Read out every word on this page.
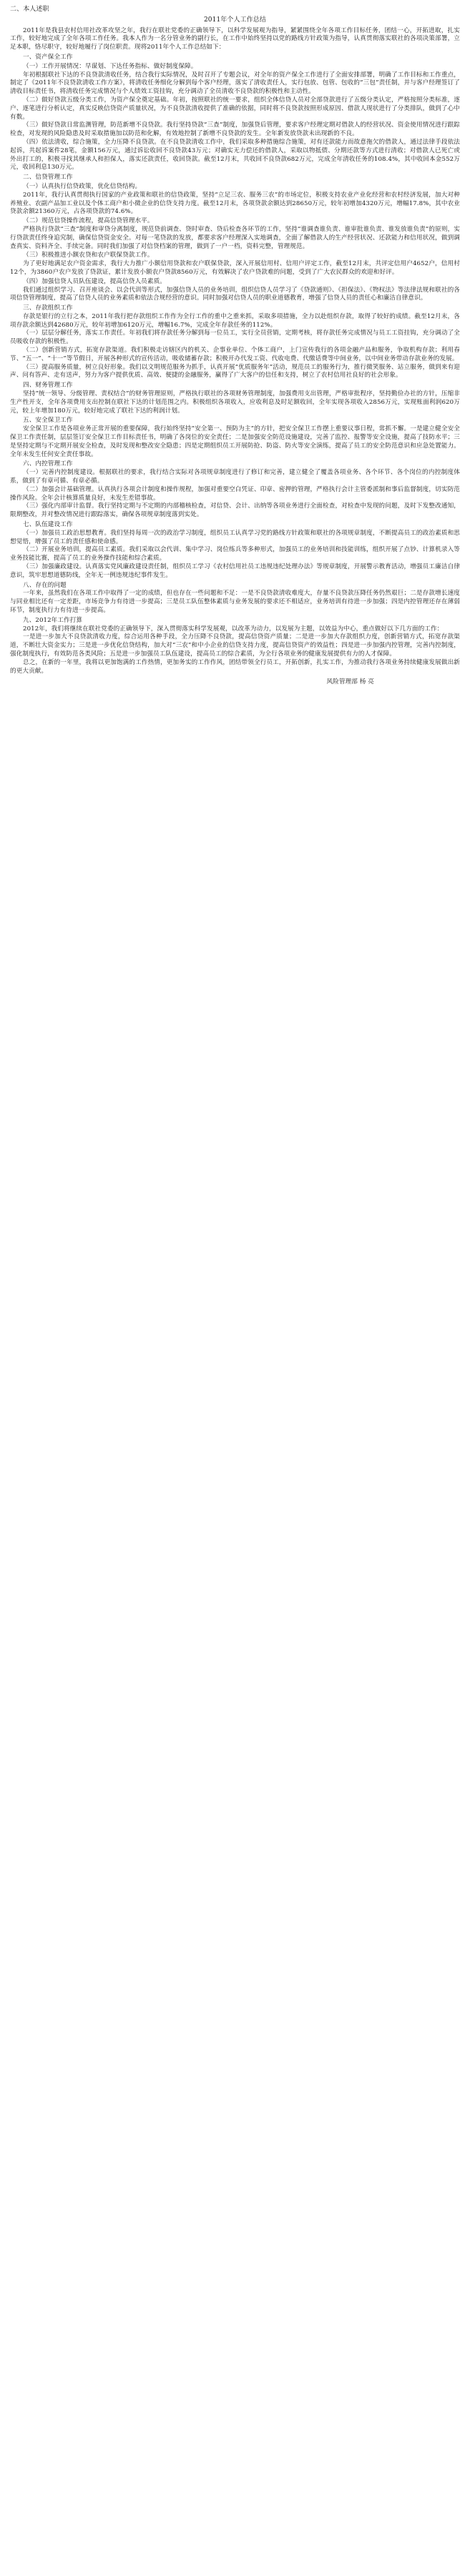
二、本人述职
2011年个人工作总结

2011年是我县农村信用社改革攻坚之年，我行在联社党委的正确领导下，以科学发展观为指导，紧紧围绕全年各项工作目标任务，团结一心，开拓进取，扎实工作，较好地完成了全年各项工作任务。我本人作为一名分管业务的副行长，在工作中始终坚持以党的路线方针政策为指导，认真贯彻落实联社的各项决策部署，立足本职，恪尽职守，较好地履行了岗位职责。现将2011年个人工作总结如下：

一、资产保全工作

（一）工作开展情况：早谋划、下达任务指标、做好制度保障。

年初根据联社下达的不良贷款清收任务，结合我行实际情况，及时召开了专题会议，对全年的资产保全工作进行了全面安排部署，明确了工作目标和工作重点，制定了《2011年不良贷款清收工作方案》，将清收任务细化分解到每个客户经理，落实了清收责任人，实行包放、包管、包收的“三包”责任制，并与客户经理签订了清收目标责任书，将清收任务完成情况与个人绩效工资挂钩，充分调动了全员清收不良贷款的积极性和主动性。

（二）做好贷款五级分类工作，为资产保全奠定基础。年初，按照联社的统一要求，组织全体信贷人员对全部贷款进行了五级分类认定，严格按照分类标准，逐户、逐笔进行分析认定，真实反映信贷资产质量状况，为不良贷款清收提供了准确的依据，同时将不良贷款按照形成原因、借款人现状进行了分类排队，做到了心中有数。

（三）做好贷款日常监测管理，防范新增不良贷款。我行坚持贷款“三查”制度，加强贷后管理，要求客户经理定期对借款人的经营状况、资金使用情况进行跟踪检查，对发现的风险隐患及时采取措施加以防范和化解，有效地控制了新增不良贷款的发生。全年新发放贷款未出现新的不良。

（四）依法清收，综合施策，全力压降不良贷款。在不良贷款清收工作中，我们采取多种措施综合施策，对有还款能力而故意拖欠的借款人，通过法律手段依法起诉，共起诉案件28笔，金额156万元，通过诉讼收回不良贷款43万元；对确实无力偿还的借款人，采取以物抵债、分期还款等方式进行清收；对借款人已死亡或外出打工的，积极寻找其继承人和担保人，落实还款责任，收回贷款。截至12月末，共收回不良贷款682万元，完成全年清收任务的108.4%，其中收回本金552万元，收回利息130万元。

二、信贷管理工作

（一）认真执行信贷政策，优化信贷结构。

2011年，我行认真贯彻执行国家的产业政策和联社的信贷政策，坚持“立足三农、服务三农”的市场定位，积极支持农业产业化经营和农村经济发展，加大对种养殖业、农副产品加工业以及个体工商户和小微企业的信贷支持力度。截至12月末，各项贷款余额达到28650万元，较年初增加4320万元，增幅17.8%，其中农业贷款余额21360万元，占各项贷款的74.6%。

（二）规范信贷操作流程，提高信贷管理水平。

严格执行贷款“三查”制度和审贷分离制度，规范贷前调查、贷时审查、贷后检查各环节的工作，坚持“谁调查谁负责、谁审批谁负责、谁发放谁负责”的原则，实行贷款责任终身追究制，确保信贷资金安全。对每一笔贷款的发放，都要求客户经理深入实地调查，全面了解借款人的生产经营状况、还款能力和信用状况，做到调查真实、资料齐全、手续完备。同时我们加强了对信贷档案的管理，做到了一户一档，资料完整，管理规范。

（三）积极推进小额农贷和农户联保贷款工作。

为了更好地满足农户资金需求，我行大力推广小额信用贷款和农户联保贷款，深入开展信用村、信用户评定工作，截至12月末，共评定信用户4652户，信用村12个，为3860户农户发放了贷款证，累计发放小额农户贷款8560万元，有效解决了农户贷款难的问题，受到了广大农民群众的欢迎和好评。

（四）加强信贷人员队伍建设，提高信贷人员素质。

我们通过组织学习、召开座谈会、以会代训等形式，加强信贷人员的业务培训，组织信贷人员学习了《贷款通则》、《担保法》、《物权法》等法律法规和联社的各项信贷管理制度，提高了信贷人员的业务素质和依法合规经营的意识。同时加强对信贷人员的职业道德教育，增强了信贷人员的责任心和廉洁自律意识。

三、存款组织工作

存款是银行的立行之本，2011年我行把存款组织工作作为全行工作的重中之重来抓，采取多项措施，全力以赴组织存款，取得了较好的成绩。截至12月末，各项存款余额达到42680万元，较年初增加6120万元，增幅16.7%，完成全年存款任务的112%。

（一）层层分解任务，落实工作责任。年初我们将存款任务分解到每一位员工，实行全员营销，定期考核，将存款任务完成情况与员工工资挂钩，充分调动了全员吸收存款的积极性。

（二）创新营销方式，拓宽存款渠道。我们积极走访辖区内的机关、企事业单位、个体工商户，上门宣传我行的各项金融产品和服务，争取机构存款；利用春节、“五一”、“十一”等节假日，开展各种形式的宣传活动，吸收储蓄存款；积极开办代发工资、代收电费、代缴话费等中间业务，以中间业务带动存款业务的发展。

（三）提高服务质量，树立良好形象。我们以文明规范服务为抓手，认真开展“优质服务年”活动，规范员工的服务行为，推行微笑服务、站立服务，做到来有迎声、问有答声、走有送声，努力为客户提供优质、高效、便捷的金融服务，赢得了广大客户的信任和支持，树立了农村信用社良好的社会形象。

四、财务管理工作

坚持“统一领导、分级管理、责权结合”的财务管理原则，严格执行联社的各项财务管理制度，加强费用支出管理，严格审批程序，坚持勤俭办社的方针，压缩非生产性开支，全年各项费用支出控制在联社下达的计划范围之内。积极组织各项收入，应收利息及时足额收回，全年实现各项收入2856万元，实现账面利润620万元，较上年增加180万元，较好地完成了联社下达的利润计划。

五、安全保卫工作

安全保卫工作是各项业务正常开展的重要保障，我行始终坚持“安全第一、预防为主”的方针，把安全保卫工作摆上重要议事日程，常抓不懈。一是建立健全安全保卫工作责任制，层层签订安全保卫工作目标责任书，明确了各岗位的安全责任；二是加强安全防范设施建设，完善了监控、报警等安全设施，提高了技防水平；三是坚持定期与不定期开展安全检查，及时发现和整改安全隐患；四是定期组织员工开展防抢、防盗、防火等安全演练，提高了员工的安全防范意识和应急处置能力。全年未发生任何安全责任事故。

六、内控管理工作

（一）完善内控制度建设。根据联社的要求，我行结合实际对各项规章制度进行了修订和完善，建立健全了覆盖各项业务、各个环节、各个岗位的内控制度体系，做到了有章可循、有章必循。

（二）加强会计基础管理。认真执行各项会计制度和操作规程，加强对重要空白凭证、印章、密押的管理，严格执行会计主管委派制和事后监督制度，切实防范操作风险。全年会计核算质量良好，未发生差错事故。

（三）强化内部审计监督。我行坚持定期与不定期的内部稽核检查，对信贷、会计、出纳等各项业务进行全面检查，对检查中发现的问题，及时下发整改通知，限期整改，并对整改情况进行跟踪落实，确保各项规章制度落到实处。

七、队伍建设工作

（一）加强员工政治思想教育。我们坚持每周一次的政治学习制度，组织员工认真学习党的路线方针政策和联社的各项规章制度，不断提高员工的政治素质和思想觉悟，增强了员工的责任感和使命感。

（二）开展业务培训，提高员工素质。我们采取以会代训、集中学习、岗位练兵等多种形式，加强员工的业务培训和技能训练，组织开展了点钞、计算机录入等业务技能比赛，提高了员工的业务操作技能和综合素质。

（三）加强廉政建设。认真落实党风廉政建设责任制，组织员工学习《农村信用社员工违规违纪处理办法》等规章制度，开展警示教育活动，增强员工廉洁自律意识，筑牢思想道德防线，全年无一例违规违纪事件发生。

八、存在的问题

一年来，虽然我们在各项工作中取得了一定的成绩，但也存在一些问题和不足：一是不良贷款清收难度大，存量不良贷款压降任务仍然艰巨；二是存款增长速度与同业相比还有一定差距，市场竞争力有待进一步提高；三是员工队伍整体素质与业务发展的要求还不相适应，业务培训有待进一步加强；四是内控管理还存在薄弱环节，制度执行力有待进一步提高。

九、2012年工作打算

2012年，我们将继续在联社党委的正确领导下，深入贯彻落实科学发展观，以改革为动力，以发展为主题，以效益为中心，重点做好以下几方面的工作：

一是进一步加大不良贷款清收力度，综合运用各种手段，全力压降不良贷款，提高信贷资产质量；二是进一步加大存款组织力度，创新营销方式，拓宽存款渠道，不断壮大资金实力；三是进一步优化信贷结构，加大对“三农”和中小企业的信贷支持力度，提高信贷资产的效益性；四是进一步加强内控管理，完善内控制度，强化制度执行，有效防范各类风险；五是进一步加强员工队伍建设，提高员工的综合素质，为全行各项业务的健康发展提供有力的人才保障。

总之，在新的一年里，我将以更加饱满的工作热情，更加务实的工作作风，团结带领全行员工，开拓创新，扎实工作，为推动我行各项业务持续健康发展做出新的更大贡献。

风险管理部 杨 亮
